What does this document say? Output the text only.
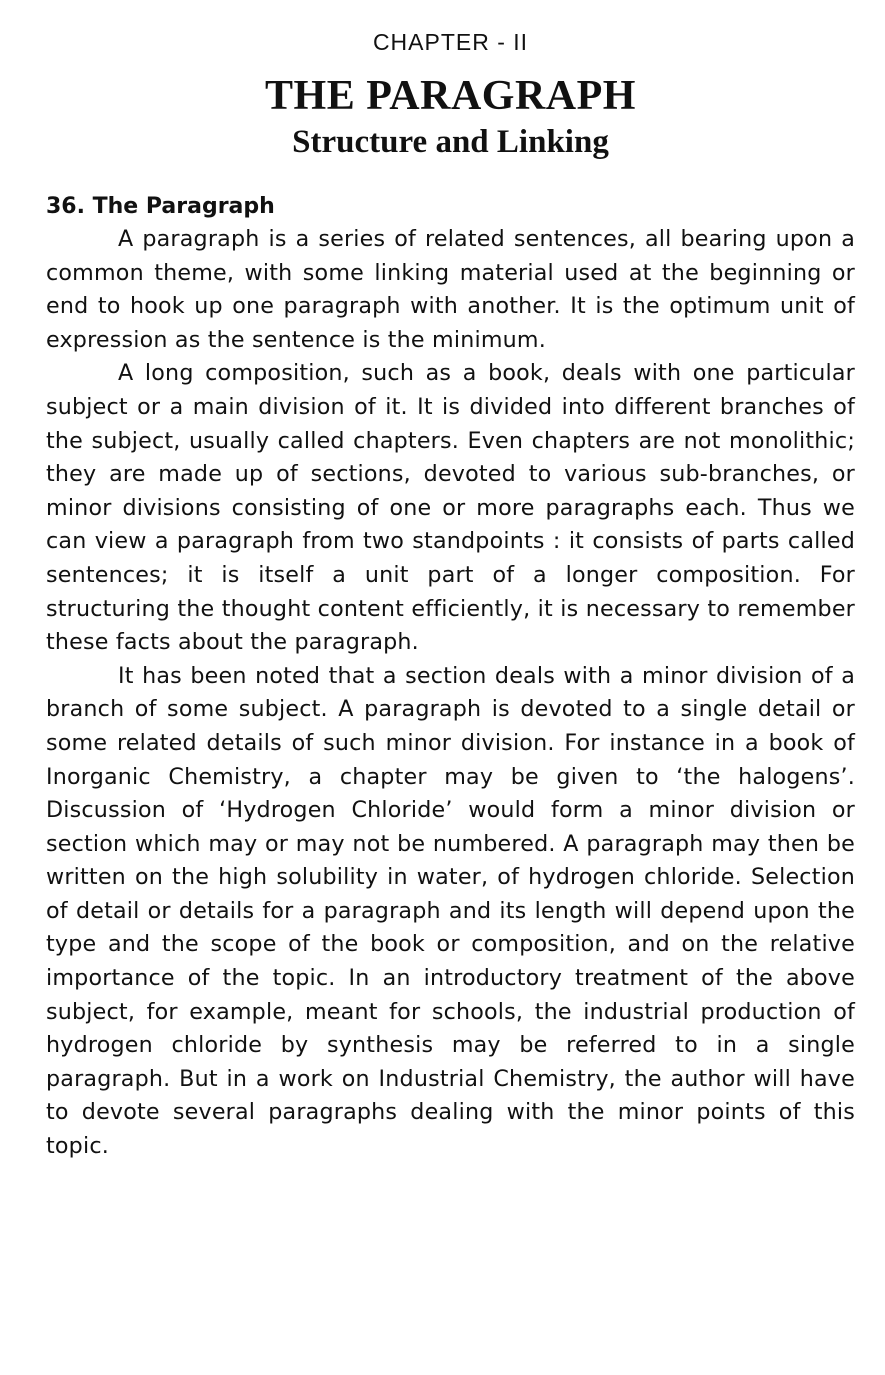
CHAPTER - II
THE PARAGRAPH
Structure and Linking
36. The Paragraph

A paragraph is a series of related sentences, all bearing upon a common theme, with some linking material used at the beginning or end to hook up one paragraph with another. It is the optimum unit of expression as the sentence is the minimum.

A long composition, such as a book, deals with one particular subject or a main division of it. It is divided into different branches of the subject, usually called chapters. Even chapters are not monolithic; they are made up of sections, devoted to various sub-branches, or minor divisions consisting of one or more paragraphs each. Thus we can view a paragraph from two standpoints : it consists of parts called sentences; it is itself a unit part of a longer composition. For structuring the thought content efficiently, it is necessary to remember these facts about the paragraph.

It has been noted that a section deals with a minor division of a branch of some subject. A paragraph is devoted to a single detail or some related details of such minor division. For instance in a book of Inorganic Chemistry, a chapter may be given to ‘the halogens’. Discussion of ‘Hydrogen Chloride’ would form a minor division or section which may or may not be numbered. A paragraph may then be written on the high solubility in water, of hydrogen chloride. Selection of detail or details for a paragraph and its length will depend upon the type and the scope of the book or composition, and on the relative importance of the topic. In an introductory treatment of the above subject, for example, meant for schools, the industrial production of hydrogen chloride by synthesis may be referred to in a single paragraph. But in a work on Industrial Chemistry, the author will have to devote several paragraphs dealing with the minor points of this topic.
